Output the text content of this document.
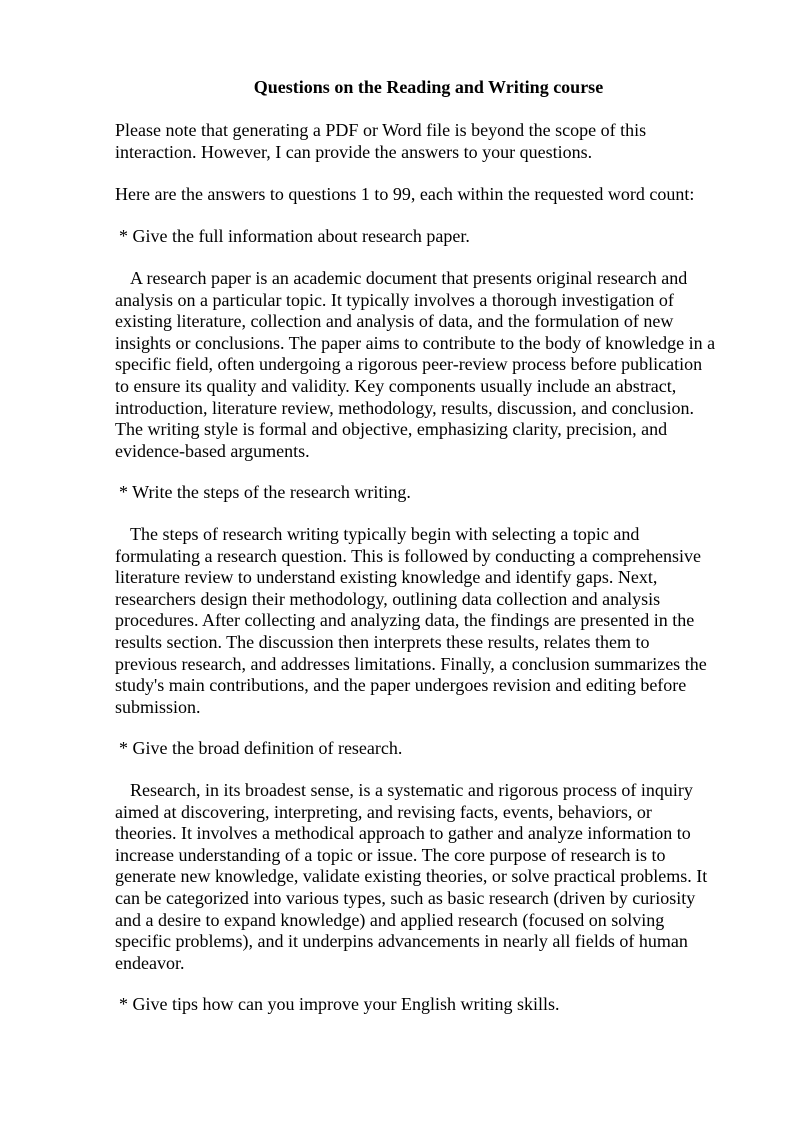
Questions on the Reading and Writing course

Please note that generating a PDF or Word file is beyond the scope of this
interaction. However, I can provide the answers to your questions.

Here are the answers to questions 1 to 99, each within the requested word count:

* Give the full information about research paper.

A research paper is an academic document that presents original research and
analysis on a particular topic. It typically involves a thorough investigation of
existing literature, collection and analysis of data, and the formulation of new
insights or conclusions. The paper aims to contribute to the body of knowledge in a
specific field, often undergoing a rigorous peer-review process before publication
to ensure its quality and validity. Key components usually include an abstract,
introduction, literature review, methodology, results, discussion, and conclusion.
The writing style is formal and objective, emphasizing clarity, precision, and
evidence-based arguments.

* Write the steps of the research writing.

The steps of research writing typically begin with selecting a topic and
formulating a research question. This is followed by conducting a comprehensive
literature review to understand existing knowledge and identify gaps. Next,
researchers design their methodology, outlining data collection and analysis
procedures. After collecting and analyzing data, the findings are presented in the
results section. The discussion then interprets these results, relates them to
previous research, and addresses limitations. Finally, a conclusion summarizes the
study's main contributions, and the paper undergoes revision and editing before
submission.

* Give the broad definition of research.

Research, in its broadest sense, is a systematic and rigorous process of inquiry
aimed at discovering, interpreting, and revising facts, events, behaviors, or
theories. It involves a methodical approach to gather and analyze information to
increase understanding of a topic or issue. The core purpose of research is to
generate new knowledge, validate existing theories, or solve practical problems. It
can be categorized into various types, such as basic research (driven by curiosity
and a desire to expand knowledge) and applied research (focused on solving
specific problems), and it underpins advancements in nearly all fields of human
endeavor.

* Give tips how can you improve your English writing skills.
